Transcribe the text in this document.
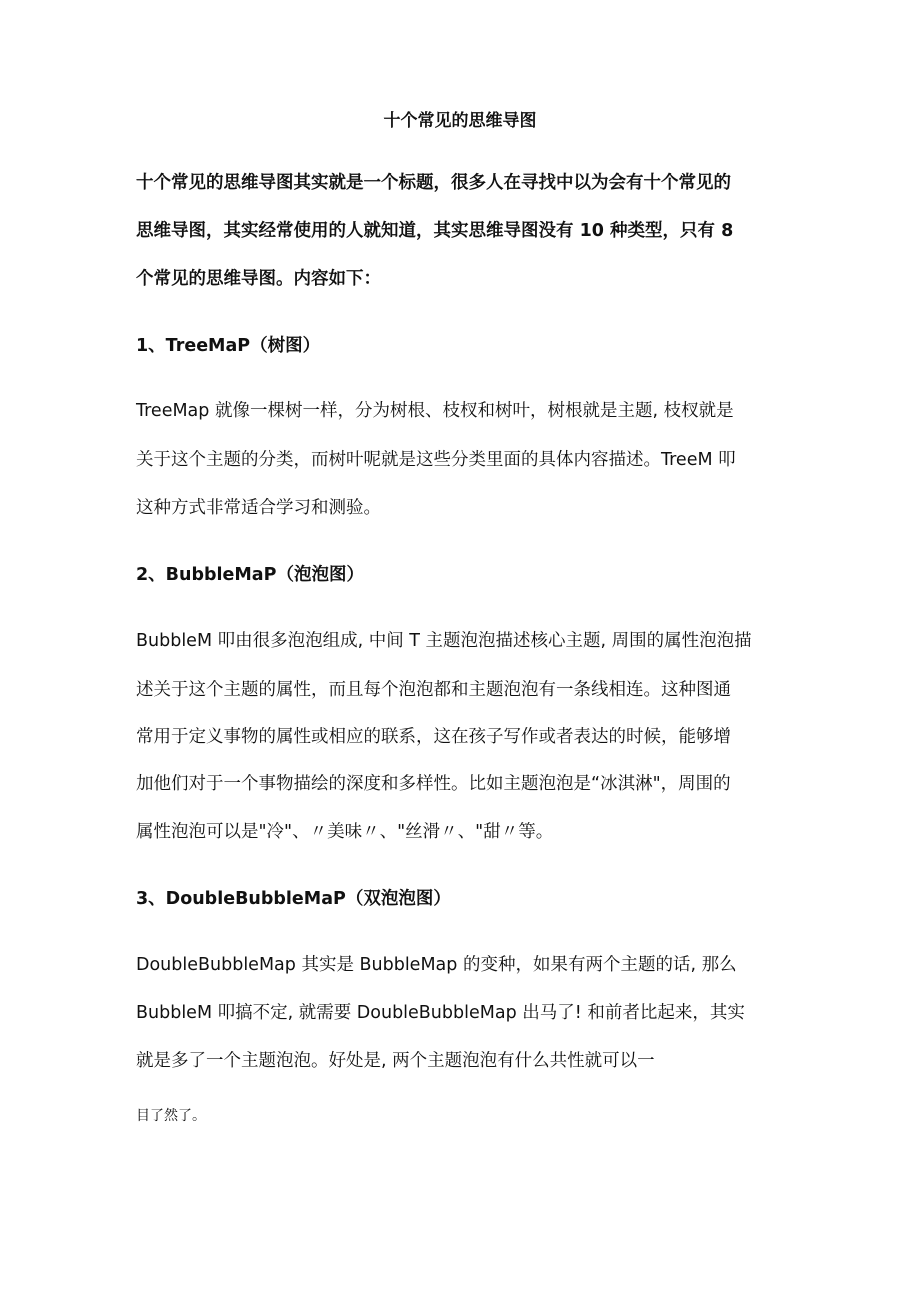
十个常见的思维导图

十个常见的思维导图其实就是一个标题，很多人在寻找中以为会有十个常见的

思维导图，其实经常使用的人就知道，其实思维导图没有 10 种类型，只有 8

个常见的思维导图。内容如下：

1、TreeMaP（树图）

TreeMap 就像一棵树一样，分为树根、枝杈和树叶，树根就是主题, 枝杈就是

关于这个主题的分类，而树叶呢就是这些分类里面的具体内容描述。TreeM 叩

这种方式非常适合学习和测验。

2、BubbleMaP（泡泡图）

BubbleM 叩由很多泡泡组成, 中间 T 主题泡泡描述核心主题, 周围的属性泡泡描

述关于这个主题的属性，而且每个泡泡都和主题泡泡有一条线相连。这种图通

常用于定义事物的属性或相应的联系，这在孩子写作或者表达的时候，能够增

加他们对于一个事物描绘的深度和多样性。比如主题泡泡是“冰淇淋"，周围的

属性泡泡可以是"冷"、〃美味〃、"丝滑〃、"甜〃等。

3、DoubleBubbleMaP（双泡泡图）

DoubleBubbleMap 其实是 BubbleMap 的变种，如果有两个主题的话, 那么

BubbleM 叩搞不定, 就需要 DoubleBubbleMap 出马了! 和前者比起来，其实

就是多了一个主题泡泡。好处是, 两个主题泡泡有什么共性就可以一

目了然了。
